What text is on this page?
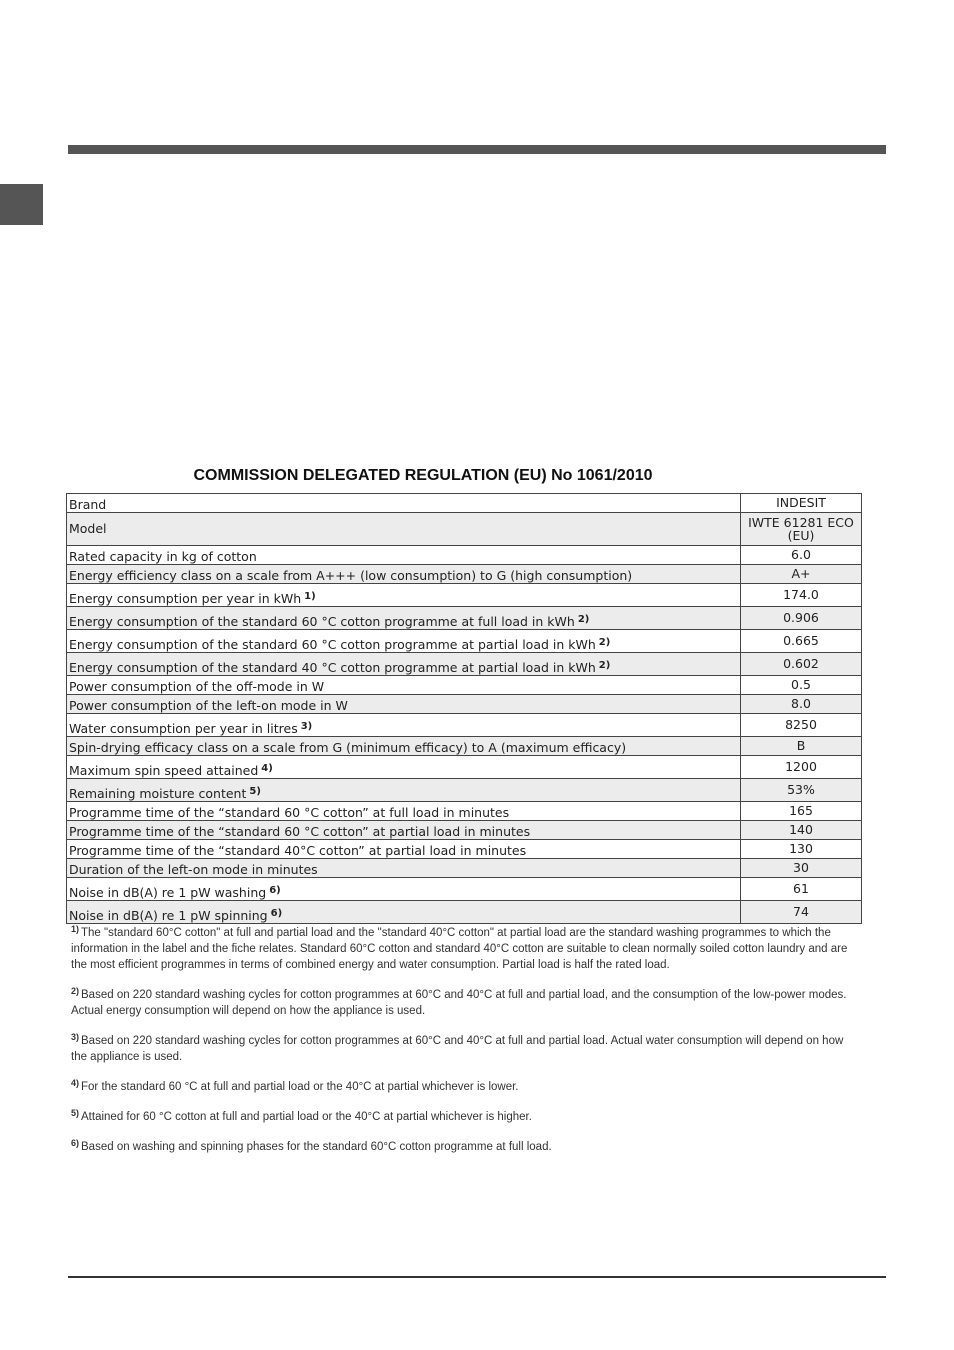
COMMISSION DELEGATED REGULATION (EU) No 1061/2010
Brand	INDESIT
Model	IWTE 61281 ECO (EU)
Rated capacity in kg of cotton	6.0
Energy efficiency class on a scale from A+++ (low consumption) to G (high consumption)	A+
Energy consumption per year in kWh $^{1)}$	174.0
Energy consumption of the standard 60 °C cotton programme at full load in kWh $^{2)}$	0.906
Energy consumption of the standard 60 °C cotton programme at partial load in kWh $^{2)}$	0.665
Energy consumption of the standard 40 °C cotton programme at partial load in kWh $^{2)}$	0.602
Power consumption of the off-mode in W	0.5
Power consumption of the left-on mode in W	8.0
Water consumption per year in litres $^{3)}$	8250
Spin-drying efficacy class on a scale from G (minimum efficacy) to A (maximum efficacy)	B
Maximum spin speed attained $^{4)}$	1200
Remaining moisture content $^{5)}$	53%
Programme time of the “standard 60 °C cotton” at full load in minutes	165
Programme time of the “standard 60 °C cotton” at partial load in minutes	140
Programme time of the “standard 40°C cotton” at partial load in minutes	130
Duration of the left-on mode in minutes	30
Noise in dB(A) re 1 pW washing $^{6)}$	61
Noise in dB(A) re 1 pW spinning $^{6)}$	74

$^{1)}$ The "standard 60°C cotton" at full and partial load and the "standard 40°C cotton" at partial load are the standard washing programmes to which the information in the label and the fiche relates. Standard 60°C cotton and standard 40°C cotton are suitable to clean normally soiled cotton laundry and are the most efficient programmes in terms of combined energy and water consumption. Partial load is half the rated load.

$^{2)}$ Based on 220 standard washing cycles for cotton programmes at 60°C and 40°C at full and partial load, and the consumption of the low-power modes. Actual energy consumption will depend on how the appliance is used.

$^{3)}$ Based on 220 standard washing cycles for cotton programmes at 60°C and 40°C at full and partial load. Actual water consumption will depend on how the appliance is used.

$^{4)}$ For the standard 60 °C at full and partial load or the 40°C at partial whichever is lower.

$^{5)}$ Attained for 60 °C cotton at full and partial load or the 40°C at partial whichever is higher.

$^{6)}$ Based on washing and spinning phases for the standard 60°C cotton programme at full load.
